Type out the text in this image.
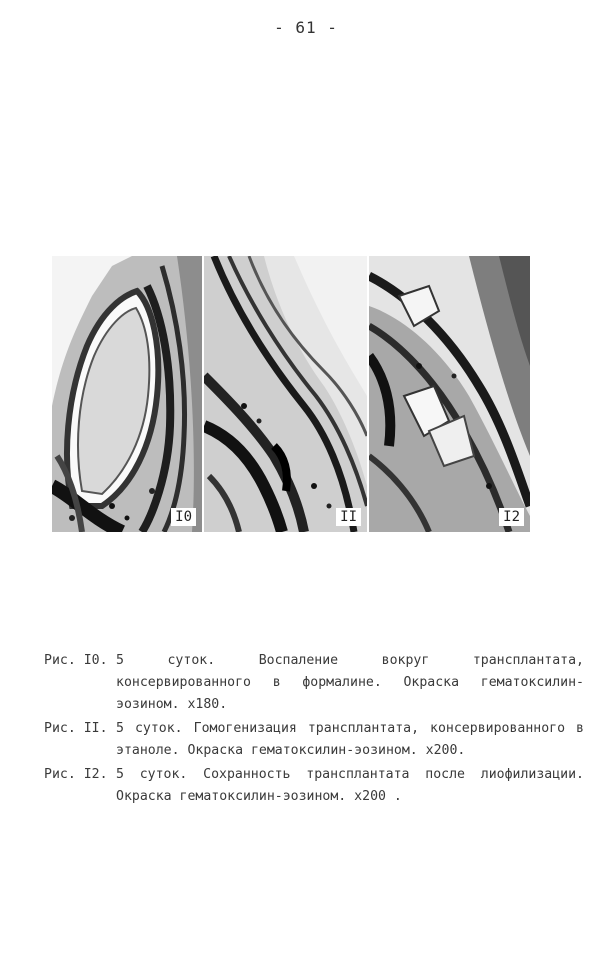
- 61 -
I0	II	I2
Рис. I0. 5 суток. Воспаление вокруг трансплантата, консервированного в формалине. Окраска гематоксилин-эозином. х180.
Рис. II. 5 суток. Гомогенизация трансплантата, консервированного в этаноле. Окраска гематоксилин-эозином. х200.
Рис. I2. 5 суток. Сохранность трансплантата после лиофилизации. Окраска гематоксилин-эозином. х200 .
